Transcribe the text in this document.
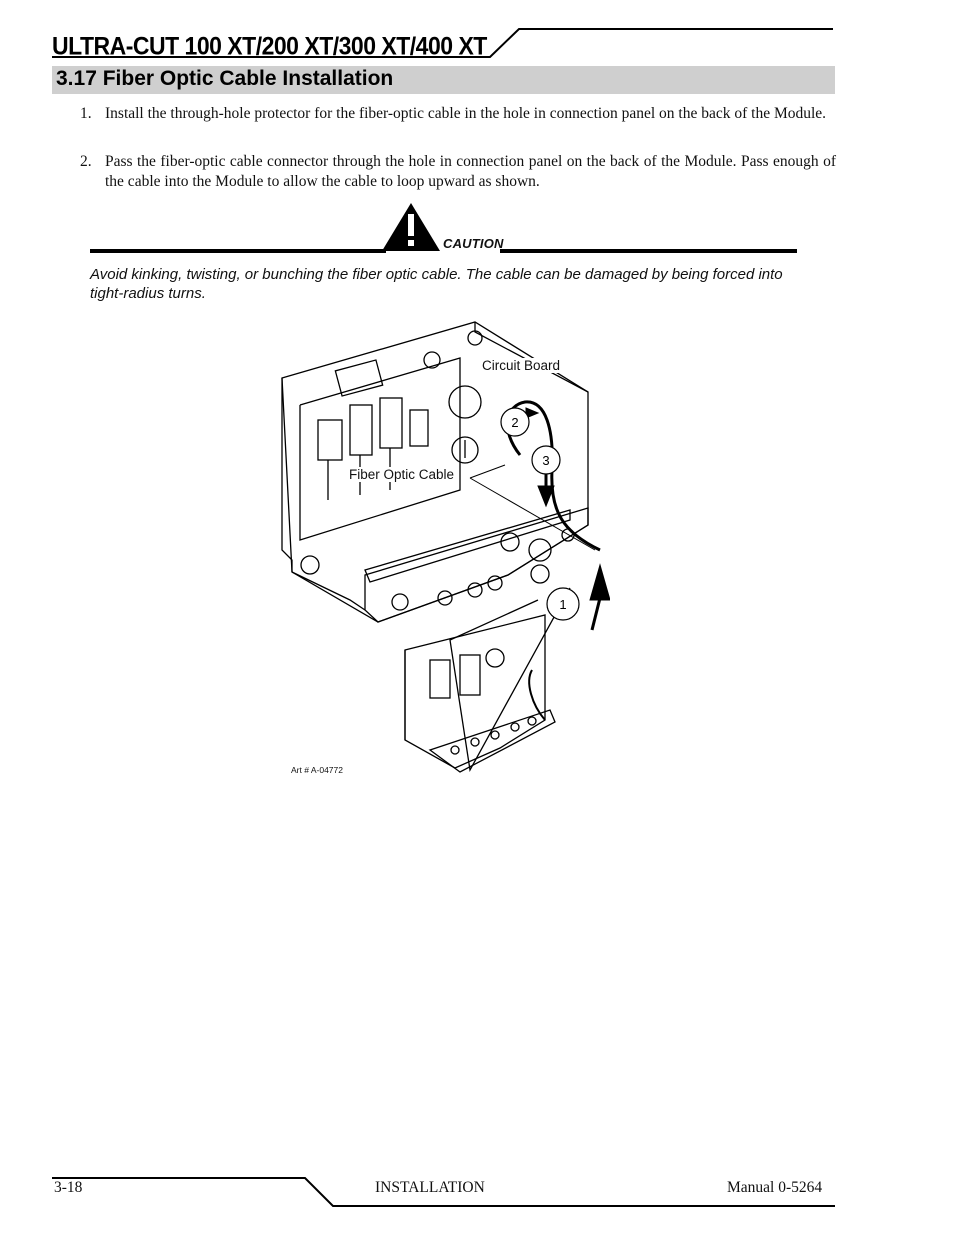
ULTRA-CUT 100 XT/200 XT/300 XT/400 XT
3.17 Fiber Optic Cable Installation
1. Install the through-hole protector for the fiber-optic cable in the hole in connection panel on the back of the Module.
2. Pass the fiber-optic cable connector through the hole in connection panel on the back of the Module. Pass enough of the cable into the Module to allow the cable to loop upward as shown.
CAUTION
Avoid kinking, twisting, or bunching the fiber optic cable. The cable can be damaged by being forced into tight-radius turns.
2
3
1
Circuit Board
Fiber Optic Cable
Art # A-04772
3-18	INSTALLATION	Manual 0-5264
